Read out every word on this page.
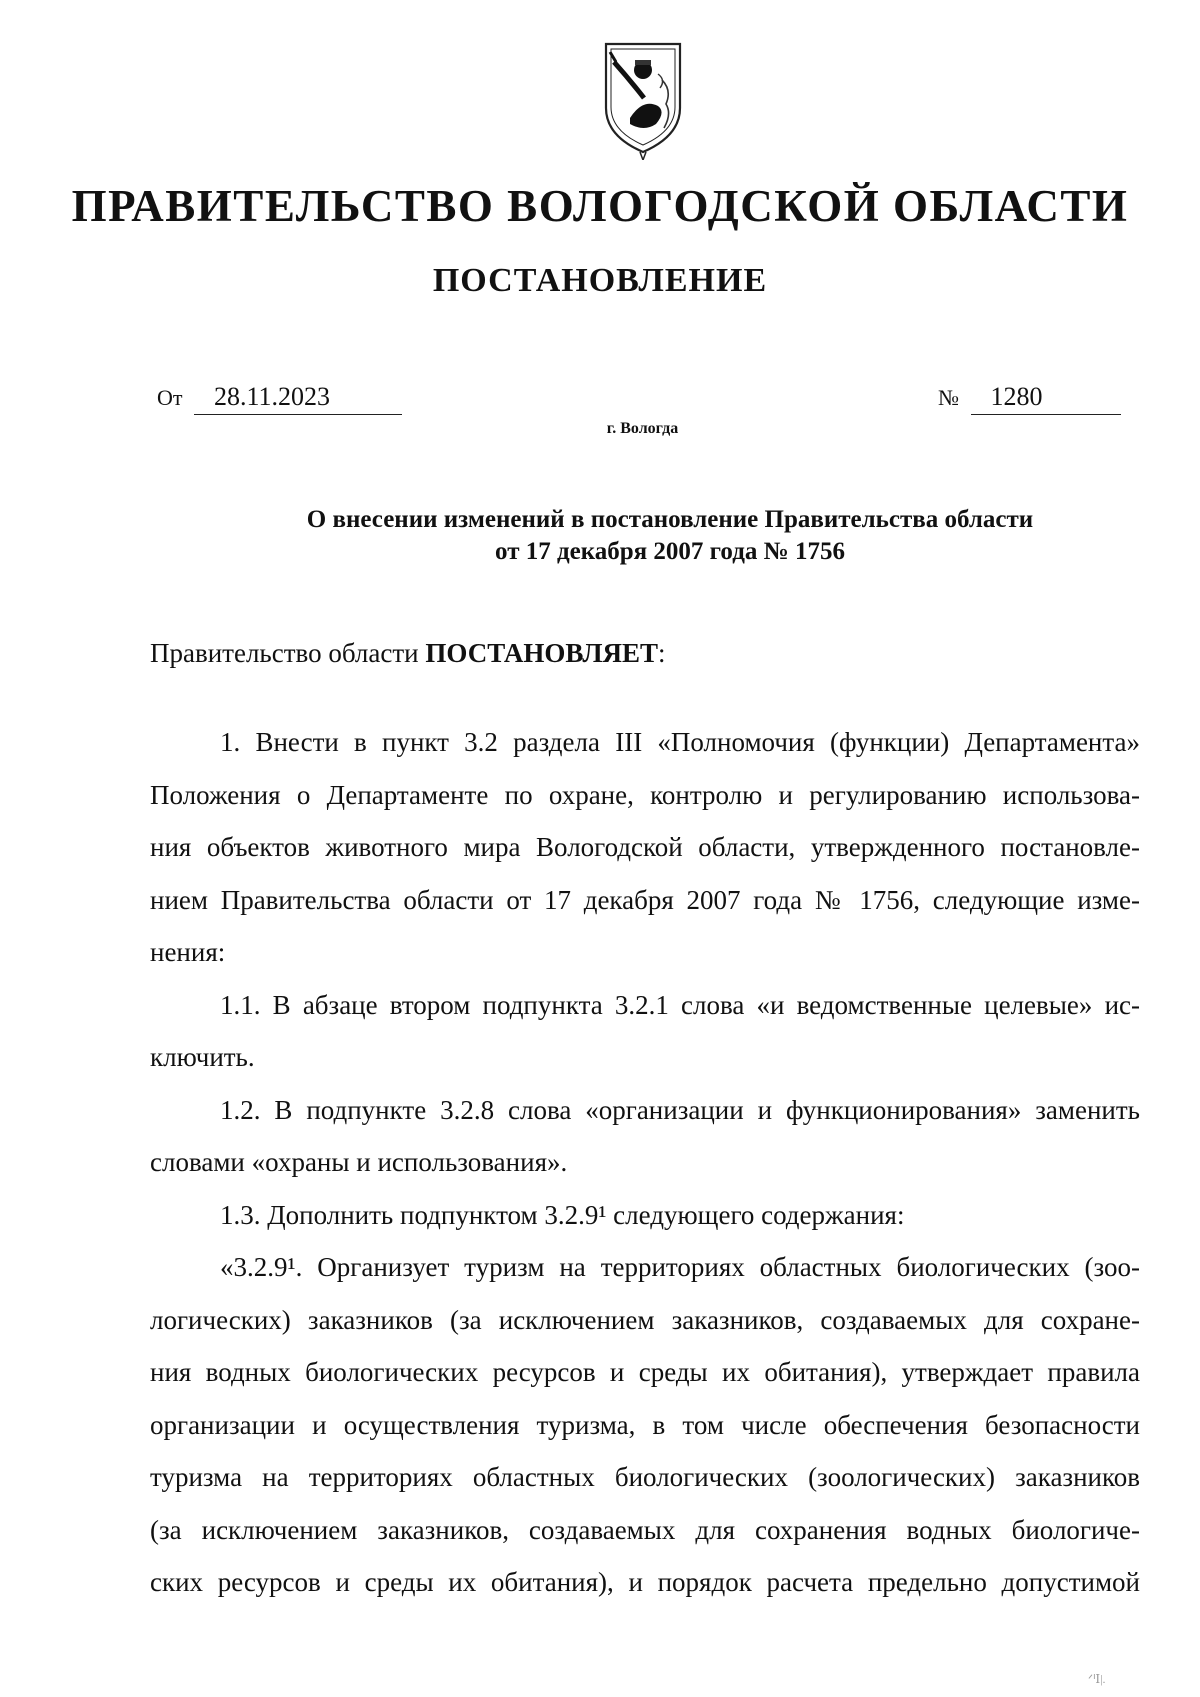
ПРАВИТЕЛЬСТВО ВОЛОГОДСКОЙ ОБЛАСТИ
ПОСТАНОВЛЕНИЕ
От 28.11.2023	№ 1280
г. Вологда
О внесении изменений в постановление Правительства области
от 17 декабря 2007 года № 1756
Правительство области ПОСТАНОВЛЯЕТ:
1. Внести в пункт 3.2 раздела III «Полномочия (функции) Департамента»
Положения о Департаменте по охране, контролю и регулированию использова-
ния объектов животного мира Вологодской области, утвержденного постановле-
нием Правительства области от 17 декабря 2007 года № 1756, следующие изме-
нения:
1.1. В абзаце втором подпункта 3.2.1 слова «и ведомственные целевые» ис-
ключить.
1.2. В подпункте 3.2.8 слова «организации и функционирования» заменить
словами «охраны и использования».
1.3. Дополнить подпунктом 3.2.9¹ следующего содержания:
«3.2.9¹. Организует туризм на территориях областных биологических (зоо-
логических) заказников (за исключением заказников, создаваемых для сохране-
ния водных биологических ресурсов и среды их обитания), утверждает правила
организации и осуществления туризма, в том числе обеспечения безопасности
туризма на территориях областных биологических (зоологических) заказников
(за исключением заказников, создаваемых для сохранения водных биологиче-
ских ресурсов и среды их обитания), и порядок расчета предельно допустимой
ᐟᑊⅠ|.
